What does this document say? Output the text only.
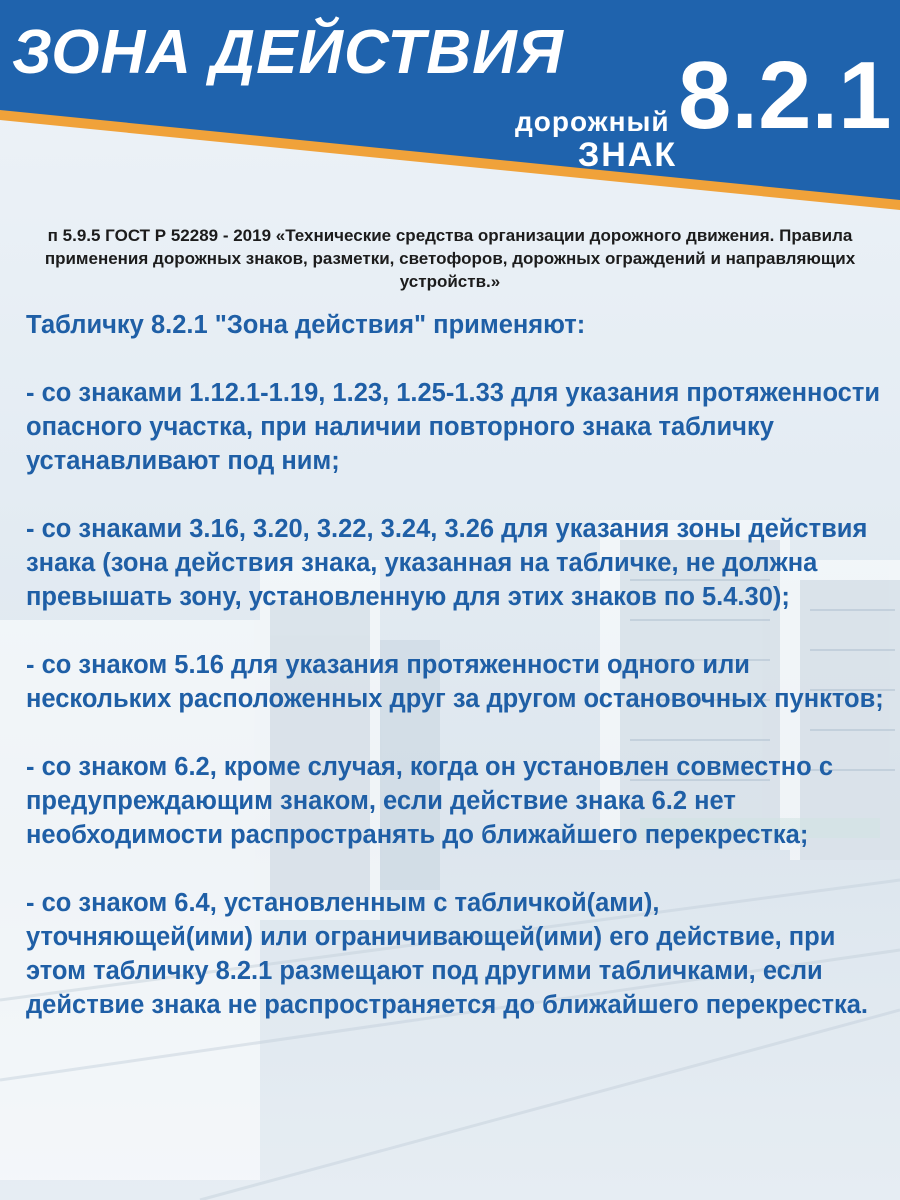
ЗОНА ДЕЙСТВИЯ
дорожный
ЗНАК
8.2.1
п 5.9.5 ГОСТ Р 52289 - 2019 «Технические средства организации дорожного движения. Правила применения дорожных знаков, разметки, светофоров, дорожных ограждений и направляющих устройств.»

Табличку 8.2.1 "Зона действия" применяют:

- со знаками 1.12.1-1.19, 1.23, 1.25-1.33 для указания протяженности опасного участка, при наличии повторного знака табличку устанавливают под ним;

- со знаками 3.16, 3.20, 3.22, 3.24, 3.26 для указания зоны действия знака (зона действия знака, указанная на табличке, не должна превышать зону, установленную для этих знаков по 5.4.30);

- со знаком 5.16 для указания протяженности одного или нескольких расположенных друг за другом остановочных пунктов;

- со знаком 6.2, кроме случая, когда он установлен совместно с предупреждающим знаком, если действие знака 6.2 нет необходимости распространять до ближайшего перекрестка;

- со знаком 6.4, установленным с табличкой(ами), уточняющей(ими) или ограничивающей(ими) его действие, при этом табличку 8.2.1 размещают под другими табличками, если действие знака не распространяется до ближайшего перекрестка.
